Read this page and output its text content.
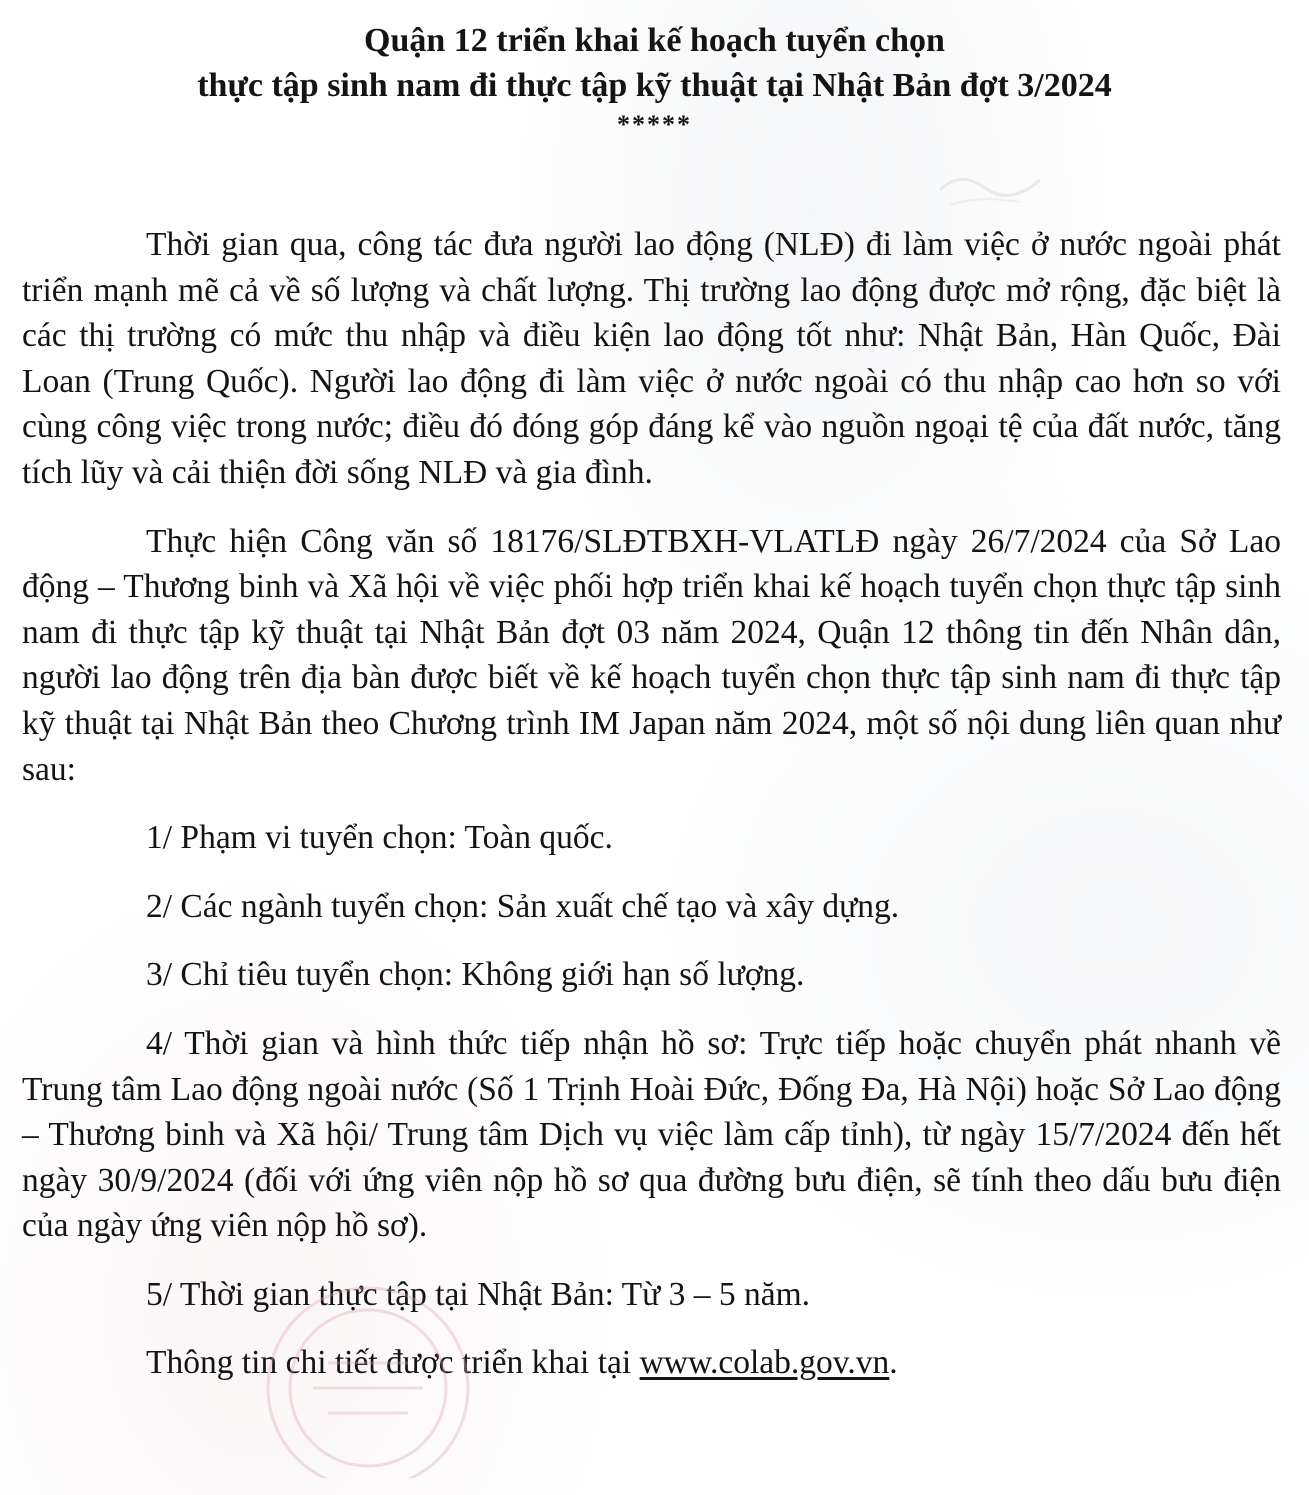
Quận 12 triển khai kế hoạch tuyển chọn
thực tập sinh nam đi thực tập kỹ thuật tại Nhật Bản đợt 3/2024
*****

Thời gian qua, công tác đưa người lao động (NLĐ) đi làm việc ở nước ngoài phát triển mạnh mẽ cả về số lượng và chất lượng. Thị trường lao động được mở rộng, đặc biệt là các thị trường có mức thu nhập và điều kiện lao động tốt như: Nhật Bản, Hàn Quốc, Đài Loan (Trung Quốc). Người lao động đi làm việc ở nước ngoài có thu nhập cao hơn so với cùng công việc trong nước; điều đó đóng góp đáng kể vào nguồn ngoại tệ của đất nước, tăng tích lũy và cải thiện đời sống NLĐ và gia đình.

Thực hiện Công văn số 18176/SLĐTBXH-VLATLĐ ngày 26/7/2024 của Sở Lao động – Thương binh và Xã hội về việc phối hợp triển khai kế hoạch tuyển chọn thực tập sinh nam đi thực tập kỹ thuật tại Nhật Bản đợt 03 năm 2024, Quận 12 thông tin đến Nhân dân, người lao động trên địa bàn được biết về kế hoạch tuyển chọn thực tập sinh nam đi thực tập kỹ thuật tại Nhật Bản theo Chương trình IM Japan năm 2024, một số nội dung liên quan như sau:

1/ Phạm vi tuyển chọn: Toàn quốc.

2/ Các ngành tuyển chọn: Sản xuất chế tạo và xây dựng.

3/ Chỉ tiêu tuyển chọn: Không giới hạn số lượng.

4/ Thời gian và hình thức tiếp nhận hồ sơ: Trực tiếp hoặc chuyển phát nhanh về Trung tâm Lao động ngoài nước (Số 1 Trịnh Hoài Đức, Đống Đa, Hà Nội) hoặc Sở Lao động – Thương binh và Xã hội/ Trung tâm Dịch vụ việc làm cấp tỉnh), từ ngày 15/7/2024 đến hết ngày 30/9/2024 (đối với ứng viên nộp hồ sơ qua đường bưu điện, sẽ tính theo dấu bưu điện của ngày ứng viên nộp hồ sơ).

5/ Thời gian thực tập tại Nhật Bản: Từ 3 – 5 năm.

Thông tin chi tiết được triển khai tại www.colab.gov.vn.
